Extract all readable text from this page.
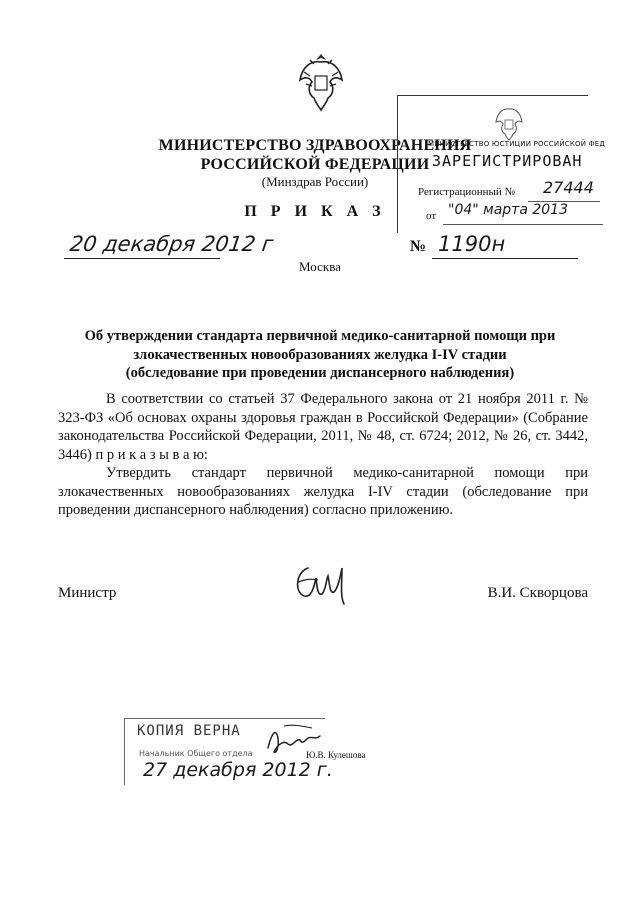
МИНИСТЕРСТВО ЗДРАВООХРАНЕНИЯ
РОССИЙСКОЙ ФЕДЕРАЦИИ
(Минздрав России)
П Р И К А З
20 декабря 2012 г
Москва
№ 1190н
МИНИСТЕРСТВО ЮСТИЦИИ РОССИЙСКОЙ ФЕД
ЗАРЕГИСТРИРОВАН
Регистрационный № 27444
от "04" марта 2013
Об утверждении стандарта первичной медико-санитарной помощи при
злокачественных новообразованиях желудка I-IV стадии
(обследование при проведении диспансерного наблюдения)

В соответствии со статьей 37 Федерального закона от 21 ноября 2011 г. № 323-ФЗ «Об основах охраны здоровья граждан в Российской Федерации» (Собрание законодательства Российской Федерации, 2011, № 48, ст. 6724; 2012, № 26, ст. 3442, 3446) п р и к а з ы в а ю:

Утвердить стандарт первичной медико-санитарной помощи при злокачественных новообразованиях желудка I-IV стадии (обследование при проведении диспансерного наблюдения) согласно приложению.

Министр	В.И. Скворцова
КОПИЯ ВЕРНА
Начальник Общего отдела
27 декабря 2012 г.
Ю.В. Кулешова
